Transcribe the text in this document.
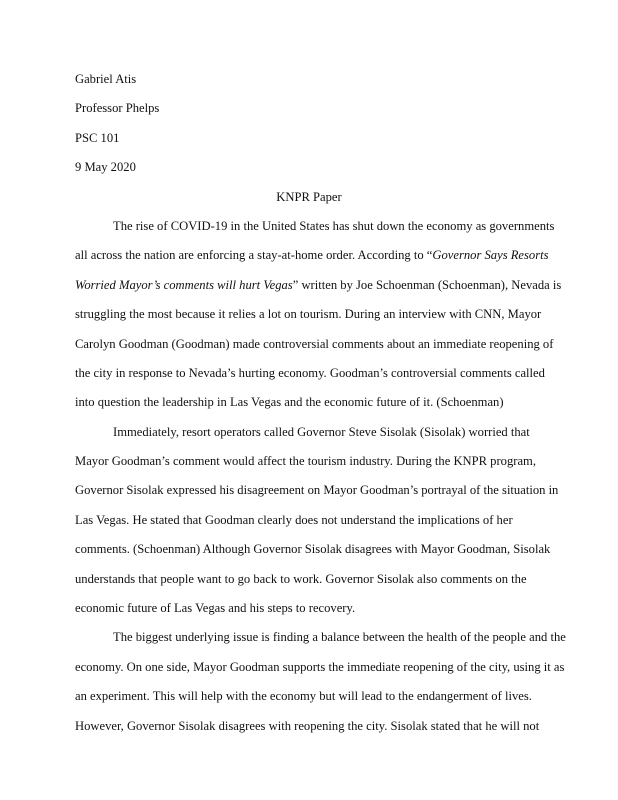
Gabriel Atis

Professor Phelps

PSC 101

9 May 2020

KNPR Paper

The rise of COVID-19 in the United States has shut down the economy as governments
all across the nation are enforcing a stay-at-home order. According to “Governor Says Resorts
Worried Mayor’s comments will hurt Vegas” written by Joe Schoenman (Schoenman), Nevada is
struggling the most because it relies a lot on tourism. During an interview with CNN, Mayor
Carolyn Goodman (Goodman) made controversial comments about an immediate reopening of
the city in response to Nevada’s hurting economy. Goodman’s controversial comments called
into question the leadership in Las Vegas and the economic future of it. (Schoenman)
Immediately, resort operators called Governor Steve Sisolak (Sisolak) worried that
Mayor Goodman’s comment would affect the tourism industry. During the KNPR program,
Governor Sisolak expressed his disagreement on Mayor Goodman’s portrayal of the situation in
Las Vegas. He stated that Goodman clearly does not understand the implications of her
comments. (Schoenman) Although Governor Sisolak disagrees with Mayor Goodman, Sisolak
understands that people want to go back to work. Governor Sisolak also comments on the
economic future of Las Vegas and his steps to recovery.
The biggest underlying issue is finding a balance between the health of the people and the
economy. On one side, Mayor Goodman supports the immediate reopening of the city, using it as
an experiment. This will help with the economy but will lead to the endangerment of lives.
However, Governor Sisolak disagrees with reopening the city. Sisolak stated that he will not
